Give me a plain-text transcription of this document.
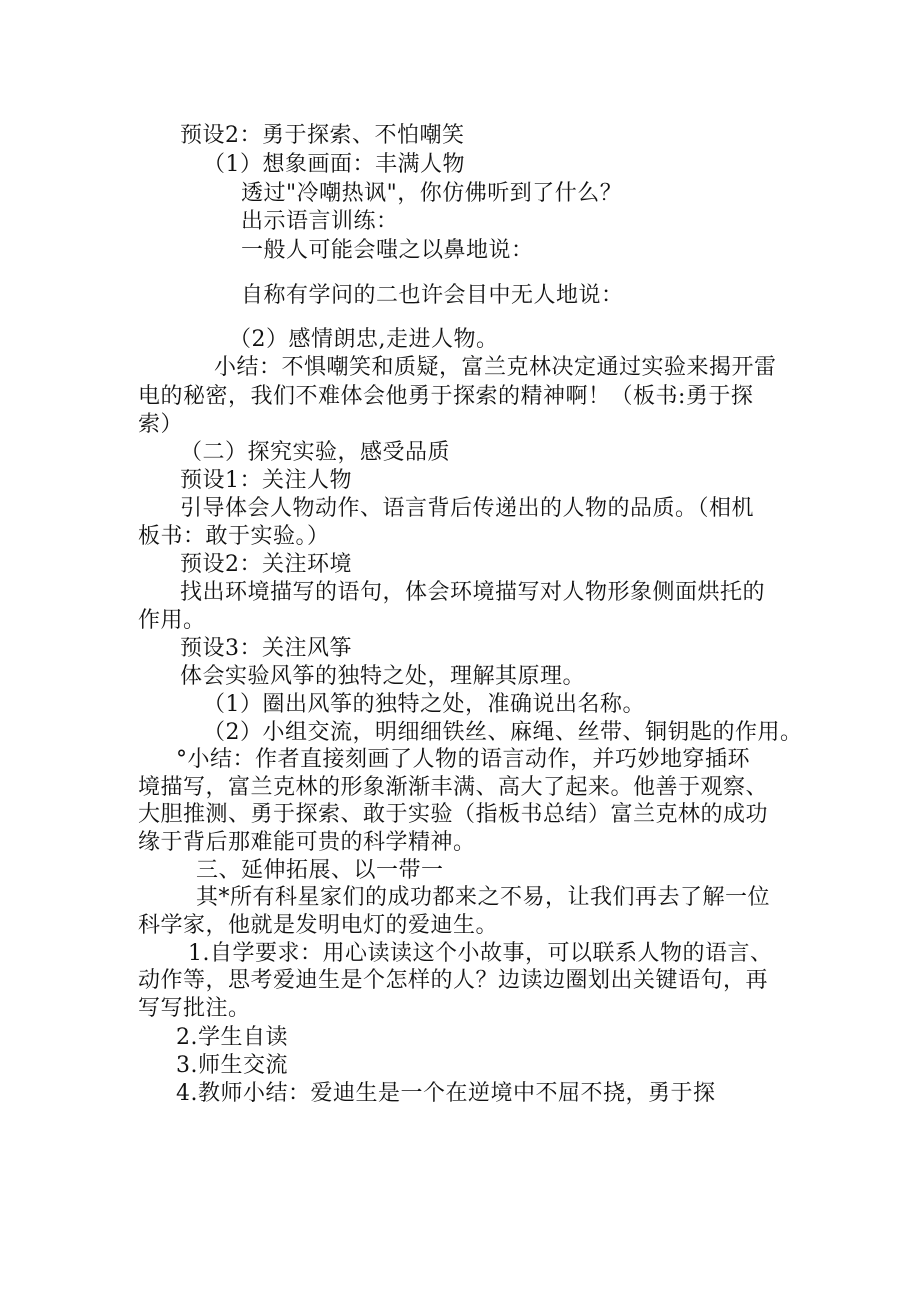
预设2：勇于探索、不怕嘲笑
（1）想象画面：丰满人物
透过"冷嘲热讽"，你仿佛听到了什么？
出示语言训练：
一般人可能会嗤之以鼻地说：
自称有学问的二也许会目中无人地说：
（2）感情朗忠,走进人物。
小结：不惧嘲笑和质疑，富兰克林决定通过实验来揭开雷
电的秘密，我们不难体会他勇于探索的精神啊！（板书:勇于探
索）
（二）探究实验，感受品质
预设1：关注人物
引导体会人物动作、语言背后传递出的人物的品质。（相机
板书：敢于实验。）
预设2：关注环境
找出环境描写的语句，体会环境描写对人物形象侧面烘托的
作用。
预设3：关注风筝
体会实验风筝的独特之处，理解其原理。
（1）圈出风筝的独特之处，准确说出名称。
（2）小组交流，明细细铁丝、麻绳、丝带、铜钥匙的作用。
°小结：作者直接刻画了人物的语言动作，并巧妙地穿插环
境描写，富兰克林的形象渐渐丰满、高大了起来。他善于观察、
大胆推测、勇于探索、敢于实验（指板书总结）富兰克林的成功
缘于背后那难能可贵的科学精神。
三、延伸拓展、以一带一
其*所有科星家们的成功都来之不易，让我们再去了解一位
科学家，他就是发明电灯的爱迪生。
1.自学要求：用心读读这个小故事，可以联系人物的语言、
动作等，思考爱迪生是个怎样的人？边读边圈划出关键语句，再
写写批注。
2.学生自读
3.师生交流
4.教师小结：爱迪生是一个在逆境中不屈不挠，勇于探
